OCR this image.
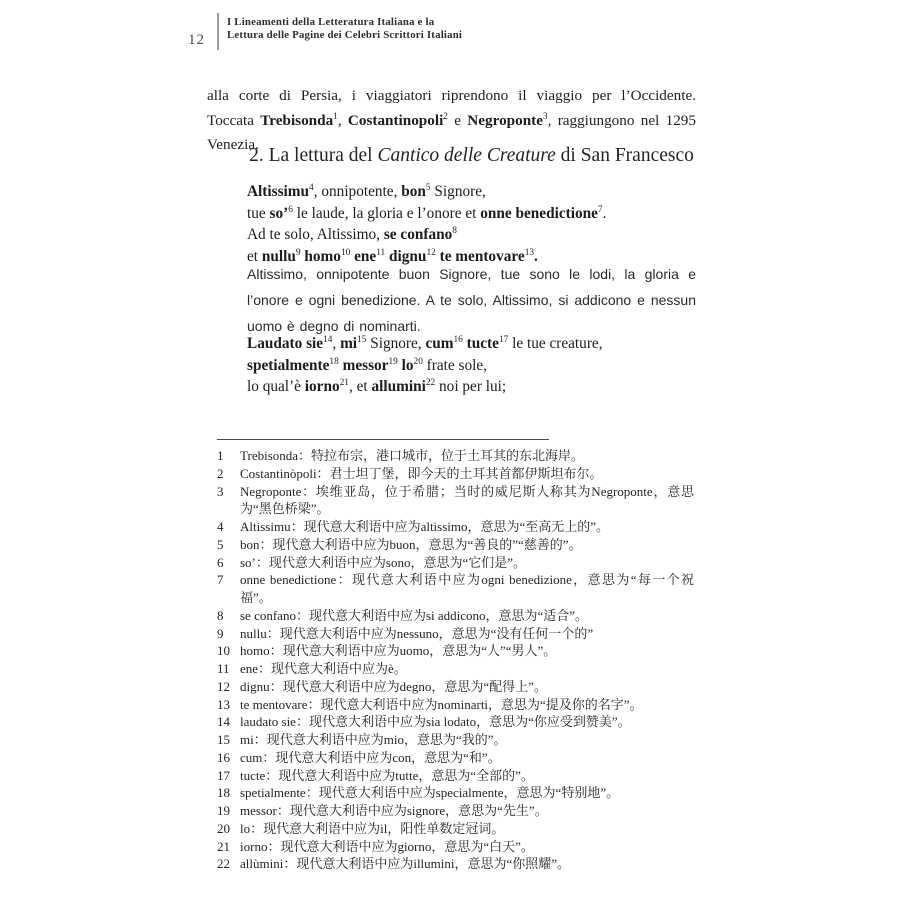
12
I Lineamenti della Letteratura Italiana e la
Lettura delle Pagine dei Celebri Scrittori Italiani
alla corte di Persia, i viaggiatori riprendono il viaggio per l’Occidente. Toccata Trebisonda$^1$, Costantinopoli$^2$ e Negroponte$^3$, raggiungono nel 1295 Venezia.
2. La lettura del Cantico delle Creature di San Francesco
Altissimu$^4$, onnipotente, bon$^5$ Signore,
tue so’$^6$ le laude, la gloria e l’onore et onne benedictione$^7$.
Ad te solo, Altissimo, se confano$^8$
et nullu$^9$ homo$^{10}$ ene$^{11}$ dignu$^{12}$ te mentovare$^{13}$.
Altissimo, onnipotente buon Signore, tue sono le lodi, la gloria e l’onore e ogni benedizione. A te solo, Altissimo, si addicono e nessun uomo è degno di nominarti.
Laudato sie$^{14}$, $mi^{15}$ Signore, cum$^{16}$ tucte$^{17}$ le tue creature,
spetialmente$^{18}$ messor$^{19}$ $lo^{20}$ frate sole,
lo qual’è iorno$^{21}$, et allumini$^{22}$ noi per lui;
1	Trebisonda：特拉布宗，港口城市，位于土耳其的东北海岸。
2	Costantinòpoli：君士坦丁堡，即今天的土耳其首都伊斯坦布尔。
3	Negroponte：埃维亚岛，位于希腊；当时的威尼斯人称其为Negroponte，意思为“黑色桥梁”。
4	Altissimu：现代意大利语中应为altissimo，意思为“至高无上的”。
5	bon：现代意大利语中应为buon，意思为“善良的”“慈善的”。
6	so’：现代意大利语中应为sono，意思为“它们是”。
7	onne benedictione：现代意大利语中应为ogni benedizione，意思为“每一个祝福”。
8	se confano：现代意大利语中应为si addicono，意思为“适合”。
9	nullu：现代意大利语中应为nessuno，意思为“没有任何一个的”
10 homo：现代意大利语中应为uomo，意思为“人”“男人”。
11 ene：现代意大利语中应为è。
12 dignu：现代意大利语中应为degno，意思为“配得上”。
13 te mentovare：现代意大利语中应为nominarti，意思为“提及你的名字”。
14 laudato sie：现代意大利语中应为sia lodato，意思为“你应受到赞美”。
15 mi：现代意大利语中应为mio，意思为“我的”。
16 cum：现代意大利语中应为con，意思为“和”。
17 tucte：现代意大利语中应为tutte，意思为“全部的”。
18 spetialmente：现代意大利语中应为specialmente，意思为“特别地”。
19 messor：现代意大利语中应为signore，意思为“先生”。
20 lo：现代意大利语中应为il，阳性单数定冠词。
21 iorno：现代意大利语中应为giorno，意思为“白天”。
22 allùmini：现代意大利语中应为illumini，意思为“你照耀”。
